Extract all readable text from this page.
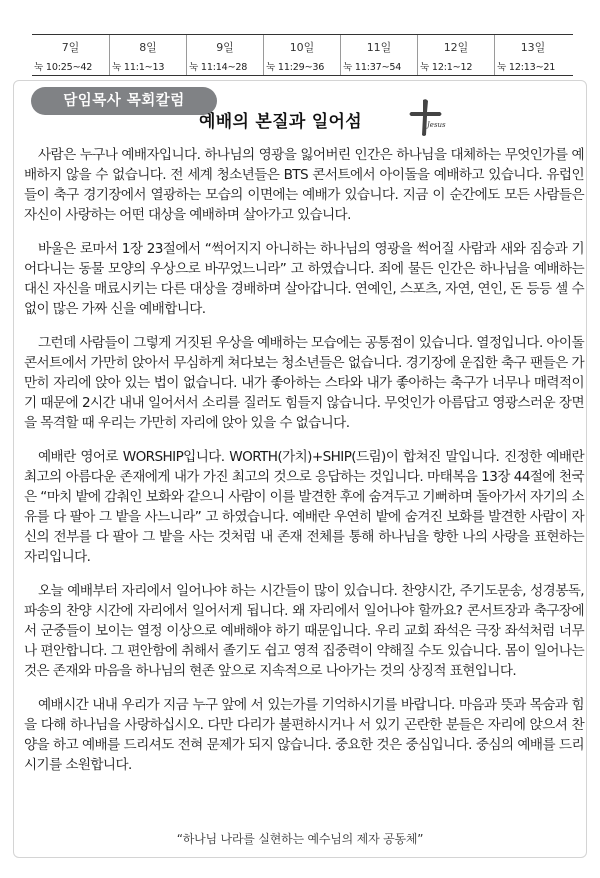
7일
눅 10:25~42
8일
눅 11:1~13
9일
눅 11:14~28
10일
눅 11:29~36
11일
눅 11:37~54
12일
눅 12:1~12
13일
눅 12:13~21
담임목사 목회칼럼
예배의 본질과 일어섬	Jesus

사람은 누구나 예배자입니다. 하나님의 영광을 잃어버린 인간은 하나님을 대체하는 무엇인가를 예배하지 않을 수 없습니다. 전 세계 청소년들은 BTS 콘서트에서 아이돌을 예배하고 있습니다. 유럽인들이 축구 경기장에서 열광하는 모습의 이면에는 예배가 있습니다. 지금 이 순간에도 모든 사람들은 자신이 사랑하는 어떤 대상을 예배하며 살아가고 있습니다.

바울은 로마서 1장 23절에서 “썩어지지 아니하는 하나님의 영광을 썩어질 사람과 새와 짐승과 기어다니는 동물 모양의 우상으로 바꾸었느니라” 고 하였습니다. 죄에 물든 인간은 하나님을 예배하는 대신 자신을 매료시키는 다른 대상을 경배하며 살아갑니다. 연예인, 스포츠, 자연, 연인, 돈 등등 셀 수 없이 많은 가짜 신을 예배합니다.

그런데 사람들이 그렇게 거짓된 우상을 예배하는 모습에는 공통점이 있습니다. 열정입니다. 아이돌 콘서트에서 가만히 앉아서 무심하게 쳐다보는 청소년들은 없습니다. 경기장에 운집한 축구 팬들은 가만히 자리에 앉아 있는 법이 없습니다. 내가 좋아하는 스타와 내가 좋아하는 축구가 너무나 매력적이기 때문에 2시간 내내 일어서서 소리를 질러도 힘들지 않습니다. 무엇인가 아름답고 영광스러운 장면을 목격할 때 우리는 가만히 자리에 앉아 있을 수 없습니다.

예배란 영어로 WORSHIP입니다. WORTH(가치)+SHIP(드림)이 합쳐진 말입니다. 진정한 예배란 최고의 아름다운 존재에게 내가 가진 최고의 것으로 응답하는 것입니다. 마태복음 13장 44절에 천국은 “마치 밭에 감춰인 보화와 같으니 사람이 이를 발견한 후에 숨겨두고 기뻐하며 돌아가서 자기의 소유를 다 팔아 그 밭을 사느니라” 고 하였습니다. 예배란 우연히 밭에 숨겨진 보화를 발견한 사람이 자신의 전부를 다 팔아 그 밭을 사는 것처럼 내 존재 전체를 통해 하나님을 향한 나의 사랑을 표현하는 자리입니다.

오늘 예배부터 자리에서 일어나야 하는 시간들이 많이 있습니다. 찬양시간, 주기도문송, 성경봉독, 파송의 찬양 시간에 자리에서 일어서게 됩니다. 왜 자리에서 일어나야 할까요? 콘서트장과 축구장에서 군중들이 보이는 열정 이상으로 예배해야 하기 때문입니다. 우리 교회 좌석은 극장 좌석처럼 너무나 편안합니다. 그 편안함에 취해서 졸기도 쉽고 영적 집중력이 약해질 수도 있습니다. 몸이 일어나는 것은 존재와 마음을 하나님의 현존 앞으로 지속적으로 나아가는 것의 상징적 표현입니다.

예배시간 내내 우리가 지금 누구 앞에 서 있는가를 기억하시기를 바랍니다. 마음과 뜻과 목숨과 힘을 다해 하나님을 사랑하십시오. 다만 다리가 불편하시거나 서 있기 곤란한 분들은 자리에 앉으셔 찬양을 하고 예배를 드리셔도 전혀 문제가 되지 않습니다. 중요한 것은 중심입니다. 중심의 예배를 드리시기를 소원합니다.

“하나님 나라를 실현하는 예수님의 제자 공동체”
